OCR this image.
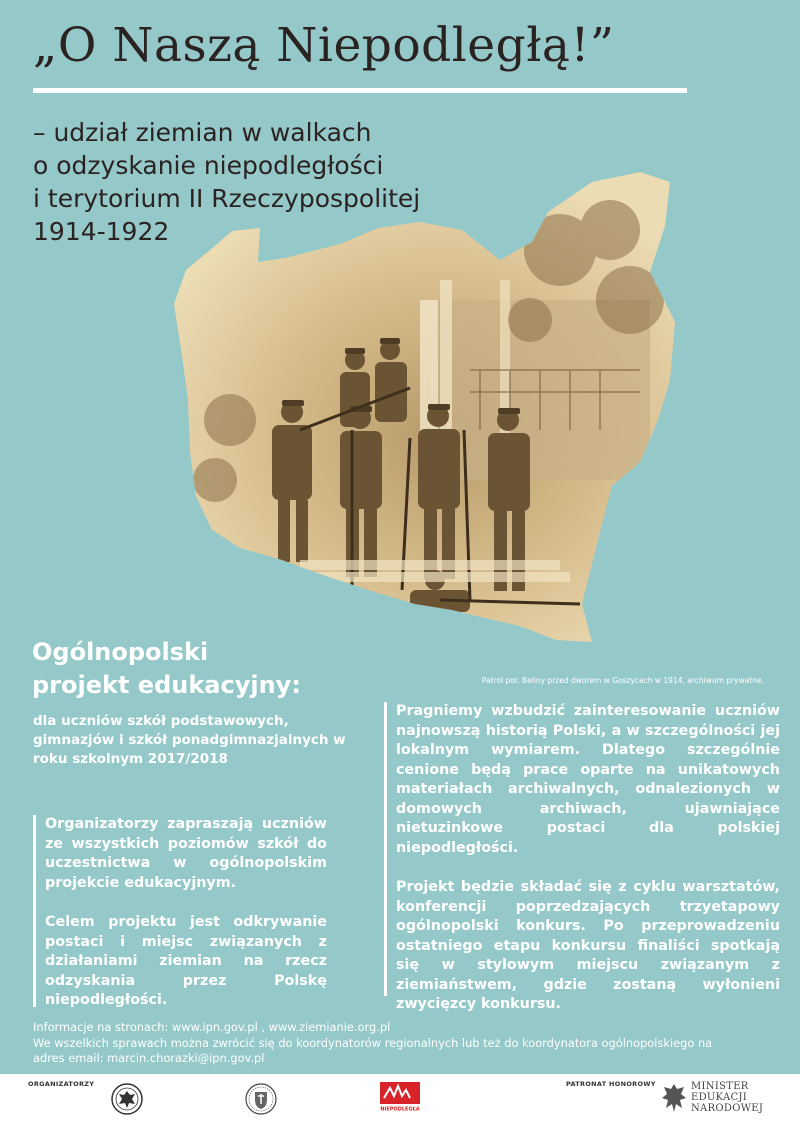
„O Naszą Niepodległą!”
– udział ziemian w walkach
o odzyskanie niepodległości
i terytorium II Rzeczypospolitej
1914-1922
Patrol por. Beliny przed dworem w Goszycach w 1914, archiwum prywatne.
Ogólnopolski
projekt edukacyjny:
dla uczniów szkół podstawowych, gimnazjów i szkół ponadgimnazjalnych w roku szkolnym 2017/2018

Organizatorzy zapraszają uczniów ze wszystkich poziomów szkół do uczestnictwa w ogólnopolskim projekcie edukacyjnym.

Celem projektu jest odkrywanie postaci i miejsc związanych z działaniami ziemian na rzecz odzyskania przez Polskę niepodległości.

Pragniemy wzbudzić zainteresowanie uczniów najnowszą historią Polski, a w szczególności jej lokalnym wymiarem. Dlatego szczególnie cenione będą prace oparte na unikatowych materiałach archiwalnych, odnalezionych w domowych archiwach, ujawniające nietuzinkowe postaci dla polskiej niepodległości.

Projekt będzie składać się z cyklu warsztatów, konferencji poprzedzających trzyetapowy ogólnopolski konkurs. Po przeprowadzeniu ostatniego etapu konkursu finaliści spotkają się w stylowym miejscu związanym z ziemiaństwem, gdzie zostaną wyłonieni zwycięzcy konkursu.

Informacje na stronach: www.ipn.gov.pl , www.ziemianie.org.pl
We wszelkich sprawach można zwrócić się do koordynatorów regionalnych lub też do koordynatora ogólnopolskiego na
adres email: marcin.chorazki@ipn.gov.pl
ORGANIZATORZY	PATRONAT HONOROWY
NIEPODLEGŁA
MINISTER
EDUKACJI
NARODOWEJ
